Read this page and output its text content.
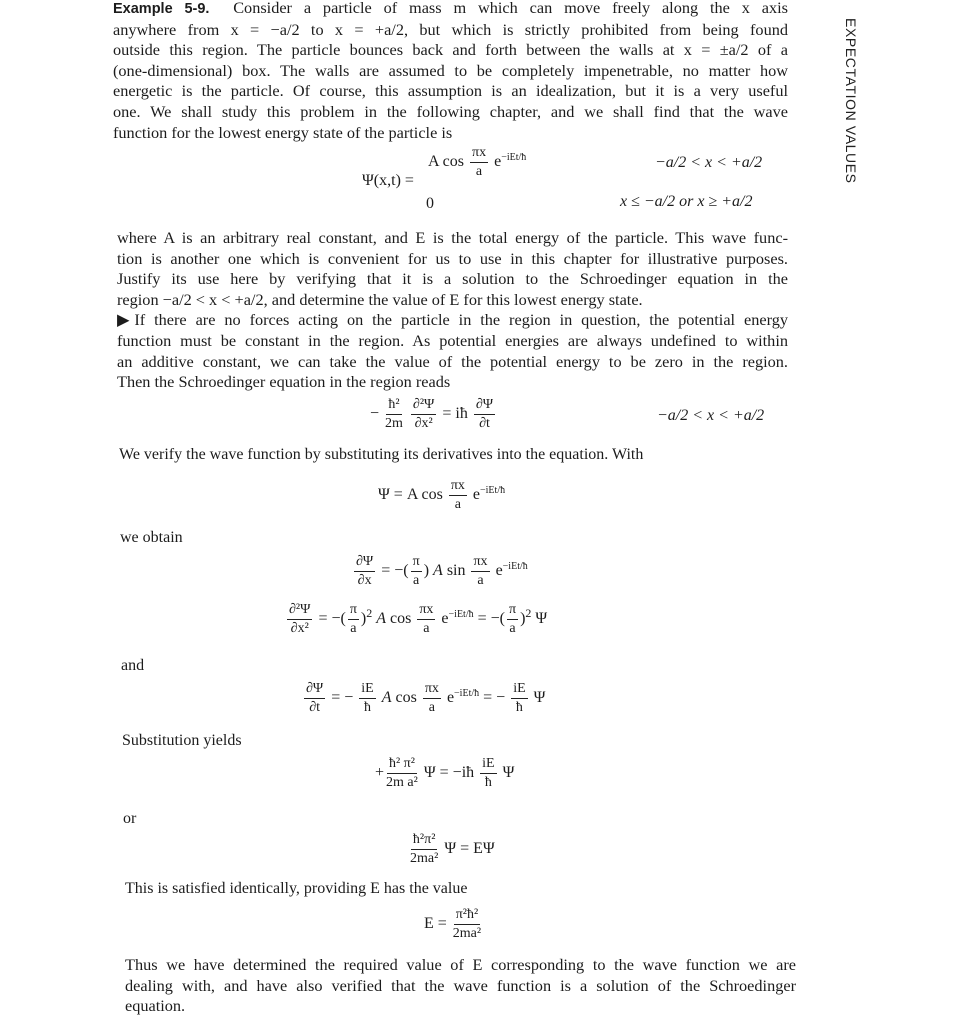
EXPECTATION VALUES
Example 5-9. Consider a particle of mass m which can move freely along the x axis
anywhere from x = −a/2 to x = +a/2, but which is strictly prohibited from being found
outside this region. The particle bounces back and forth between the walls at x = ±a/2 of a
(one-dimensional) box. The walls are assumed to be completely impenetrable, no matter how
energetic is the particle. Of course, this assumption is an idealization, but it is a very useful
one. We shall study this problem in the following chapter, and we shall find that the wave
function for the lowest energy state of the particle is
Ψ(x,t) =
A $\cos \frac{\pi x}{a} e^{-iEt/ħ}$	−a/2 < x < +a/2
0	x ≤ −a/2 or x ≥ +a/2
where A is an arbitrary real constant, and E is the total energy of the particle. This wave func-
tion is another one which is convenient for us to use in this chapter for illustrative purposes.
Justify its use here by verifying that it is a solution to the Schroedinger equation in the
region −a/2 < x < +a/2, and determine the value of E for this lowest energy state.
▶If there are no forces acting on the particle in the region in question, the potential energy
function must be constant in the region. As potential energies are always undefined to within
an additive constant, we can take the value of the potential energy to be zero in the region.
Then the Schroedinger equation in the region reads
− $\frac{\text{ħ²}}{2m}$
$\frac{\text{∂²Ψ}}{\text{∂x²}}$ = iħ $\frac{\partial\Psi}{\partial t}$	−a/2 < x < +a/2
We verify the wave function by substituting its derivatives into the equation. With
Ψ = A $\cos \frac{\pi x}{a} e^{-iEt/ħ}$
we obtain
$\frac{\partial\Psi}{\partial x}$ = −( $\frac{\pi}{a}$ ) A $\sin \frac{\pi x}{a} e^{-iEt/ħ}$
$\frac{\text{∂²Ψ}}{\text{∂x²}}$ = −( $\frac{\pi}{a} )^2$ A $\cos \frac{\pi x}{a} e^{-iEt/ħ}$ = −( $\frac{\pi}{a} )^2$ Ψ
and
$\frac{\partial\Psi}{\partial t}$ = − $\frac{iE}{ħ}$ A $\cos \frac{\pi x}{a} e^{-iEt/ħ}$ = − $\frac{iE}{ħ}$ Ψ
Substitution yields
+ $\frac{\text{ħ² π²}}{\text{2m a²}}$ Ψ = −iħ $\frac{iE}{ħ}$ Ψ
or
$\frac{\text{ħ²π²}}{\text{2ma²}}$ Ψ = EΨ
This is satisfied identically, providing E has the value
$E = \frac{\text{π²ħ²}}{\text{2ma²}}$
Thus we have determined the required value of E corresponding to the wave function we are
dealing with, and have also verified that the wave function is a solution of the Schroedinger
equation.
